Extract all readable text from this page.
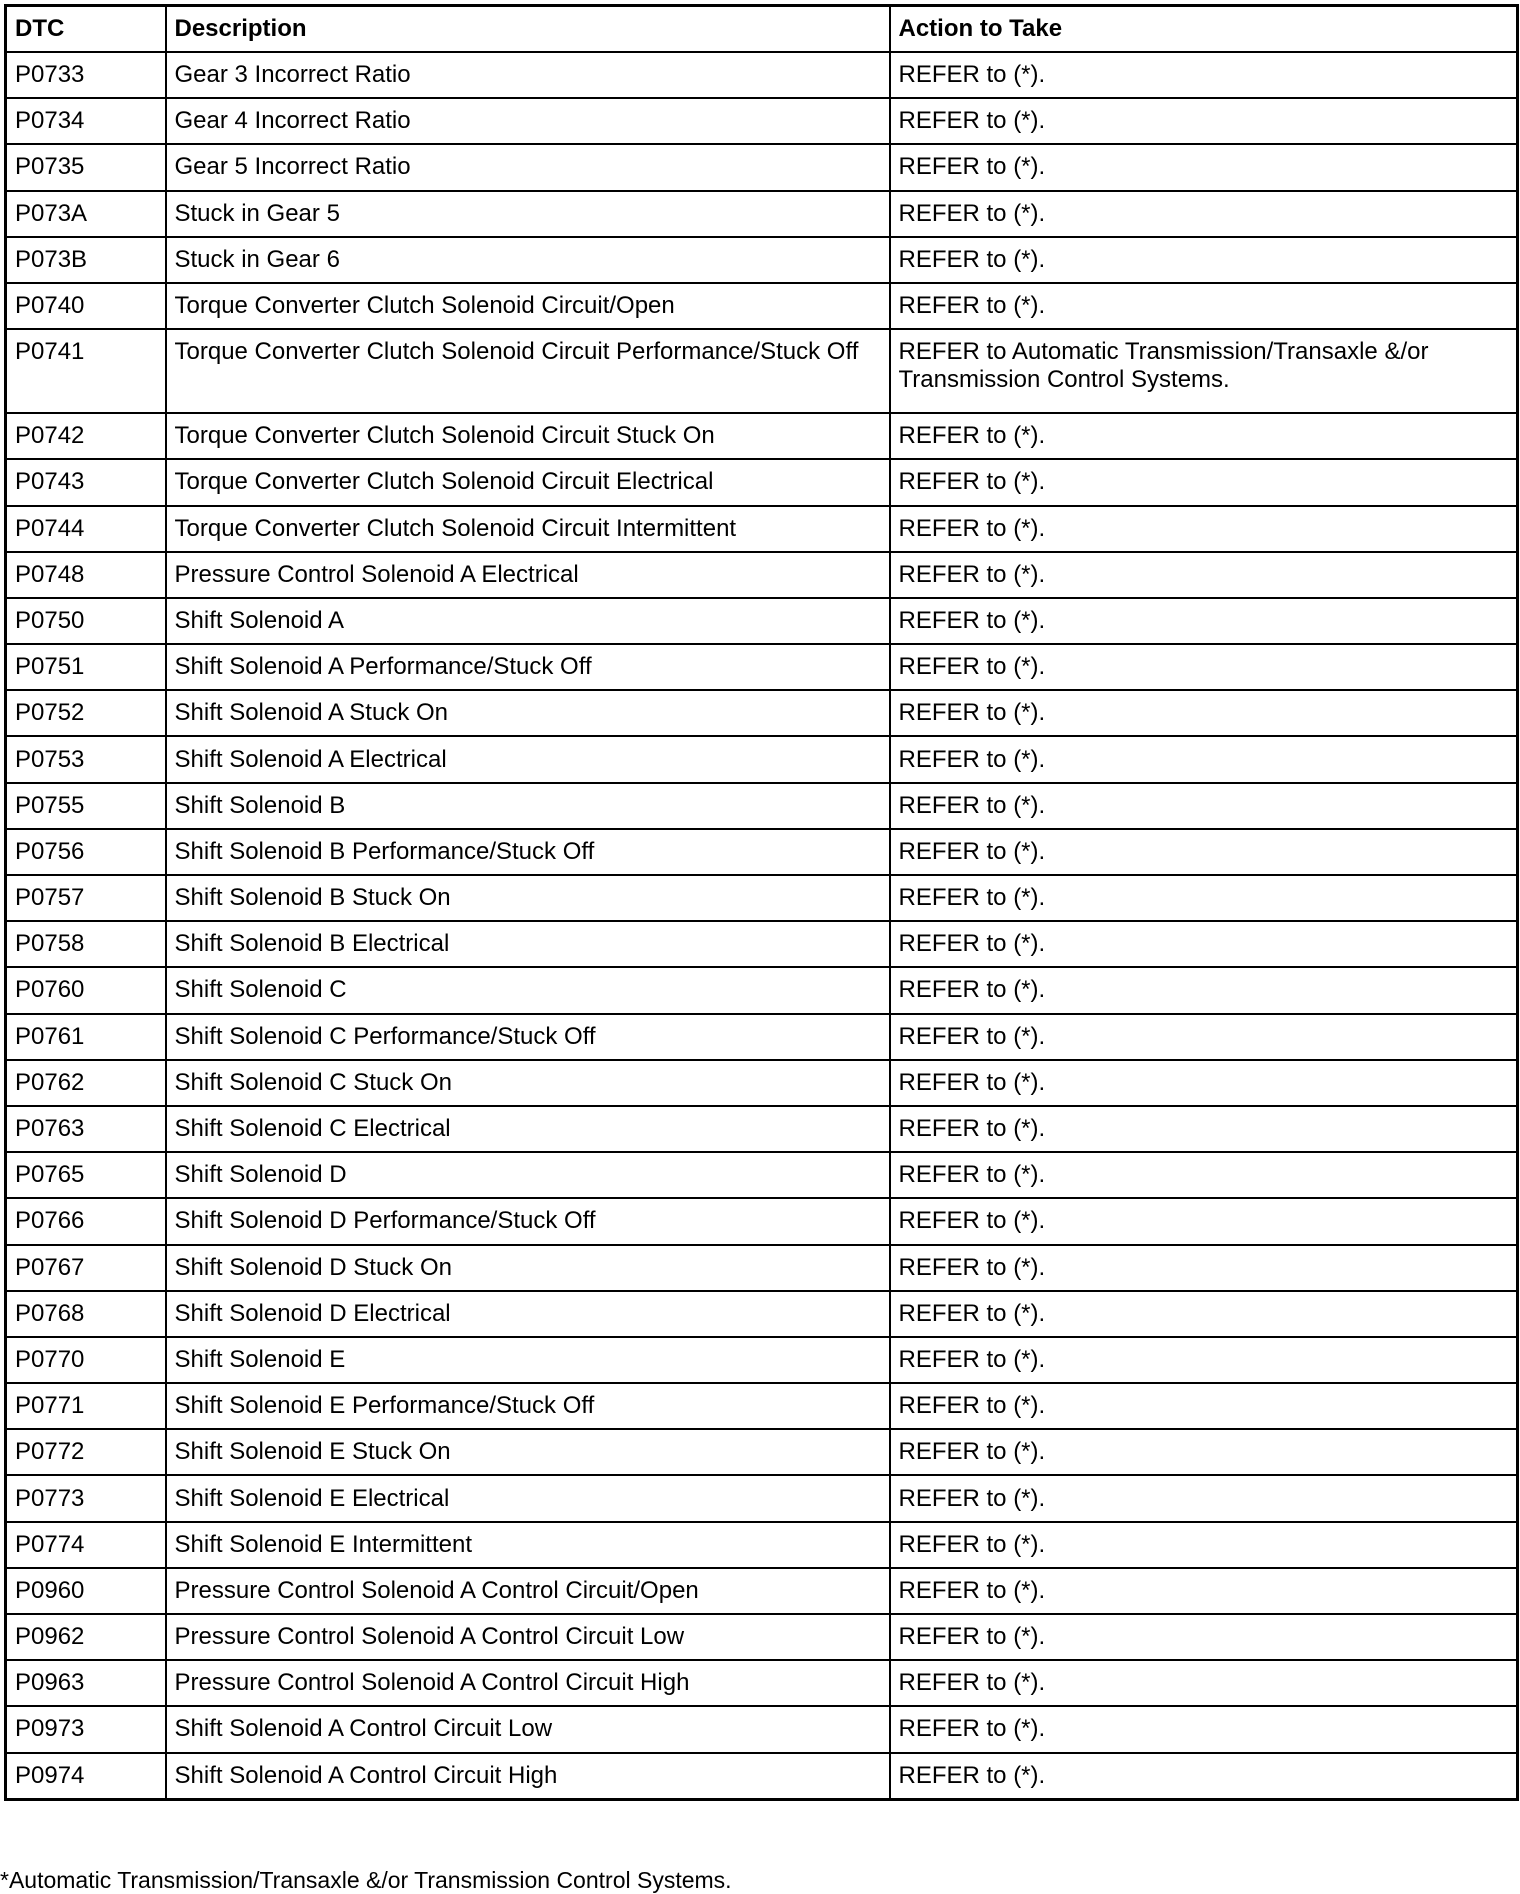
DTC	Description	Action to Take
P0733	Gear 3 Incorrect Ratio	REFER to (*).
P0734	Gear 4 Incorrect Ratio	REFER to (*).
P0735	Gear 5 Incorrect Ratio	REFER to (*).
P073A	Stuck in Gear 5	REFER to (*).
P073B	Stuck in Gear 6	REFER to (*).
P0740	Torque Converter Clutch Solenoid Circuit/Open	REFER to (*).
P0741	Torque Converter Clutch Solenoid Circuit Performance/Stuck Off	REFER to Automatic Transmission/Transaxle &/or Transmission Control Systems.
P0742	Torque Converter Clutch Solenoid Circuit Stuck On	REFER to (*).
P0743	Torque Converter Clutch Solenoid Circuit Electrical	REFER to (*).
P0744	Torque Converter Clutch Solenoid Circuit Intermittent	REFER to (*).
P0748	Pressure Control Solenoid A Electrical	REFER to (*).
P0750	Shift Solenoid A	REFER to (*).
P0751	Shift Solenoid A Performance/Stuck Off	REFER to (*).
P0752	Shift Solenoid A Stuck On	REFER to (*).
P0753	Shift Solenoid A Electrical	REFER to (*).
P0755	Shift Solenoid B	REFER to (*).
P0756	Shift Solenoid B Performance/Stuck Off	REFER to (*).
P0757	Shift Solenoid B Stuck On	REFER to (*).
P0758	Shift Solenoid B Electrical	REFER to (*).
P0760	Shift Solenoid C	REFER to (*).
P0761	Shift Solenoid C Performance/Stuck Off	REFER to (*).
P0762	Shift Solenoid C Stuck On	REFER to (*).
P0763	Shift Solenoid C Electrical	REFER to (*).
P0765	Shift Solenoid D	REFER to (*).
P0766	Shift Solenoid D Performance/Stuck Off	REFER to (*).
P0767	Shift Solenoid D Stuck On	REFER to (*).
P0768	Shift Solenoid D Electrical	REFER to (*).
P0770	Shift Solenoid E	REFER to (*).
P0771	Shift Solenoid E Performance/Stuck Off	REFER to (*).
P0772	Shift Solenoid E Stuck On	REFER to (*).
P0773	Shift Solenoid E Electrical	REFER to (*).
P0774	Shift Solenoid E Intermittent	REFER to (*).
P0960	Pressure Control Solenoid A Control Circuit/Open	REFER to (*).
P0962	Pressure Control Solenoid A Control Circuit Low	REFER to (*).
P0963	Pressure Control Solenoid A Control Circuit High	REFER to (*).
P0973	Shift Solenoid A Control Circuit Low	REFER to (*).
P0974	Shift Solenoid A Control Circuit High	REFER to (*).
*Automatic Transmission/Transaxle &/or Transmission Control Systems.
